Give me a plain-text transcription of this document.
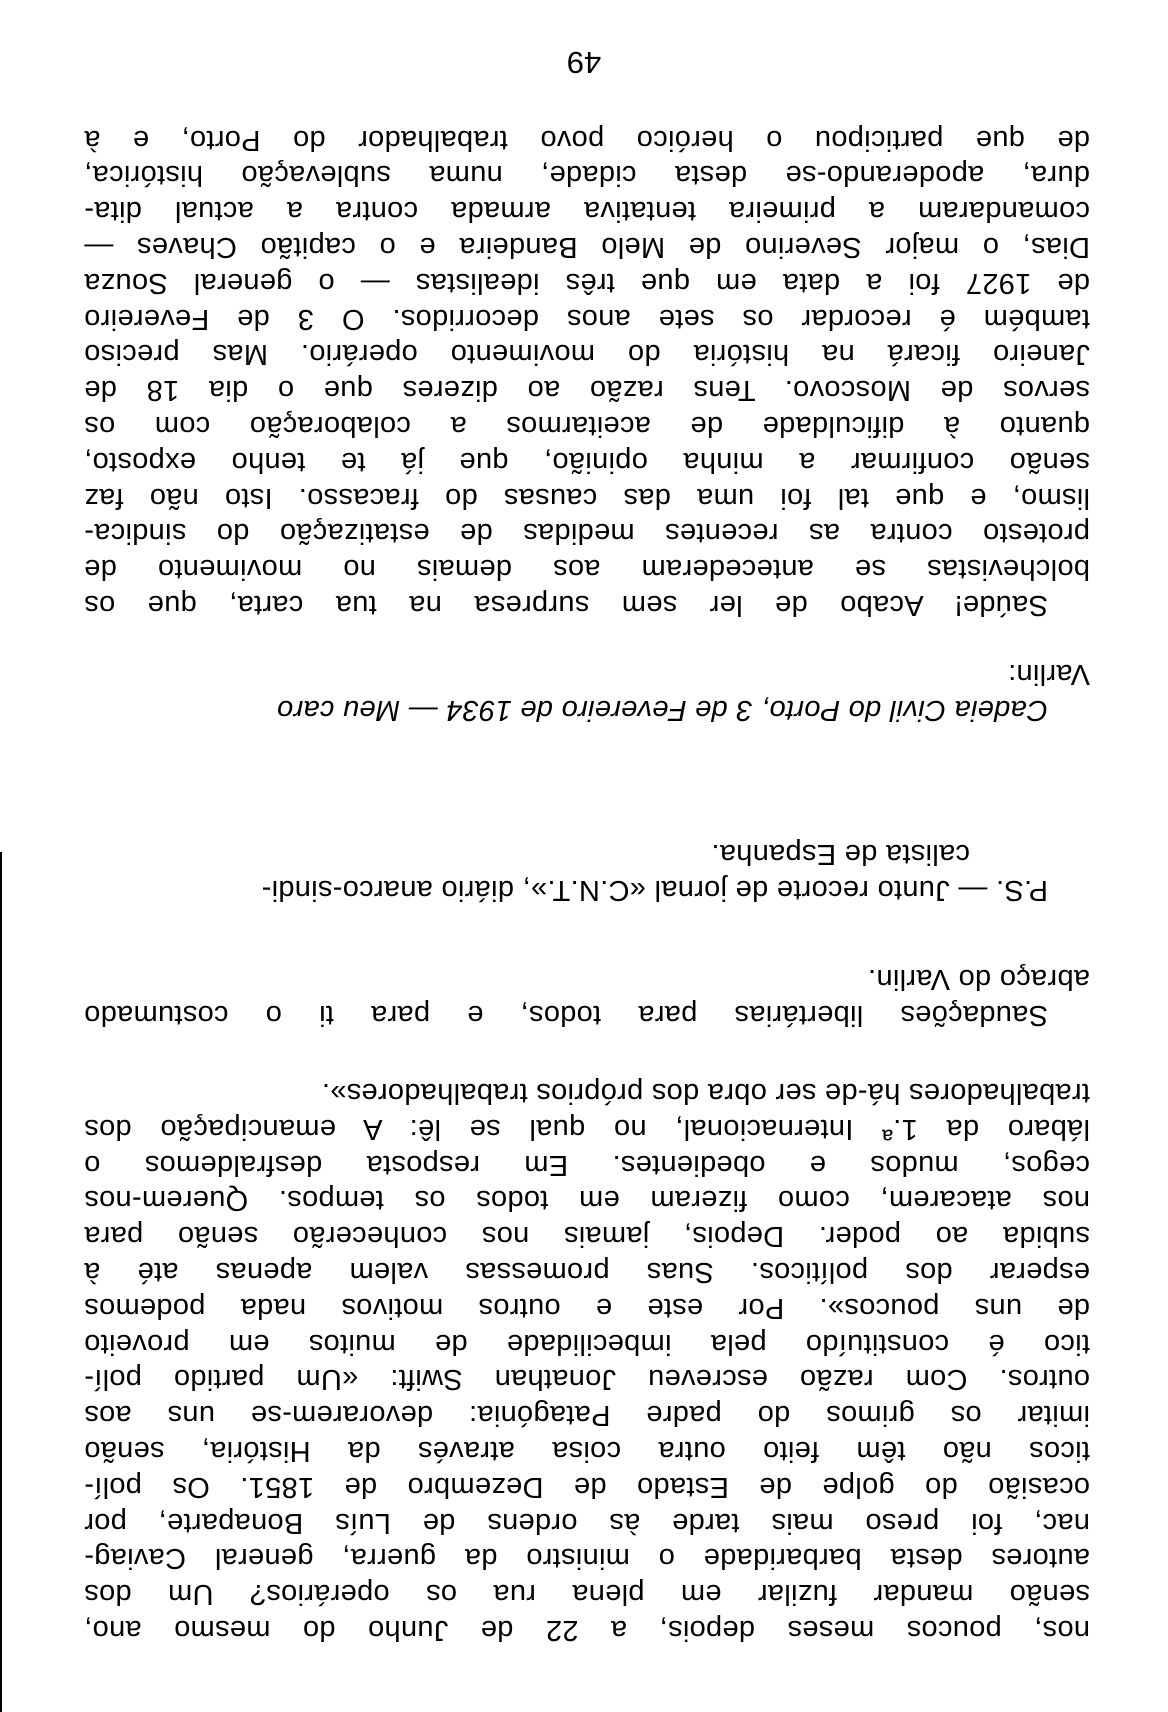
nos, poucos meses depois, a 22 de Junho do mesmo ano,
senão mandar fuzilar em plena rua os operários? Um dos
autores desta barbaridade o ministro da guerra, general Caviag-
nac, foi preso mais tarde às ordens de Luís Bonaparte, por
ocasião do golpe de Estado de Dezembro de 1851. Os polí-
ticos não têm feito outra coisa através da História, senão
imitar os grimos do padre Patagónia: devorarem-se uns aos
outros. Com razão escreveu Jonathan Swift: «Um partido polí-
tico é constituído pela imbecilidade de muitos em proveito
de uns poucos». Por este e outros motivos nada podemos
esperar dos políticos. Suas promessas valem apenas até à
subida ao poder. Depois, jamais nos conhecerão senão para
nos atacarem, como fizeram em todos os tempos. Querem-nos
cegos, mudos e obedientes. Em resposta desfraldemos o
lábaro da 1.ª Internacional, no qual se lê: A emancipação dos
trabalhadores há-de ser obra dos próprios trabalhadores».
Saudações libertárias para todos, e para ti o costumado
abraço do Varlin.
P.S. — Junto recorte de jornal «C.N.T.», diário anarco-sindi-
calista de Espanha.
Cadeia Civil do Porto, 3 de Fevereiro de 1934 — Meu caro
Varlin:
Saúde! Acabo de ler sem surpresa na tua carta, que os
bolchevistas se antecederam aos demais no movimento de
protesto contra as recentes medidas de estatização do sindica-
lismo, e que tal foi uma das causas do fracasso. Isto não faz
senão confirmar a minha opinião, que já te tenho exposto,
quanto à dificuldade de aceitarmos a colaboração com os
servos de Moscovo. Tens razão ao dizeres que o dia 18 de
Janeiro ficará na história do movimento operário. Mas preciso
também é recordar os sete anos decorridos. O 3 de Fevereiro
de 1927 foi a data em que três idealistas — o general Souza
Dias, o major Severino de Melo Bandeira e o capitão Chaves —
comandaram a primeira tentativa armada contra a actual dita-
dura, apoderando-se desta cidade, numa sublevação histórica,
de que participou o heróico povo trabalhador do Porto, e à
49
